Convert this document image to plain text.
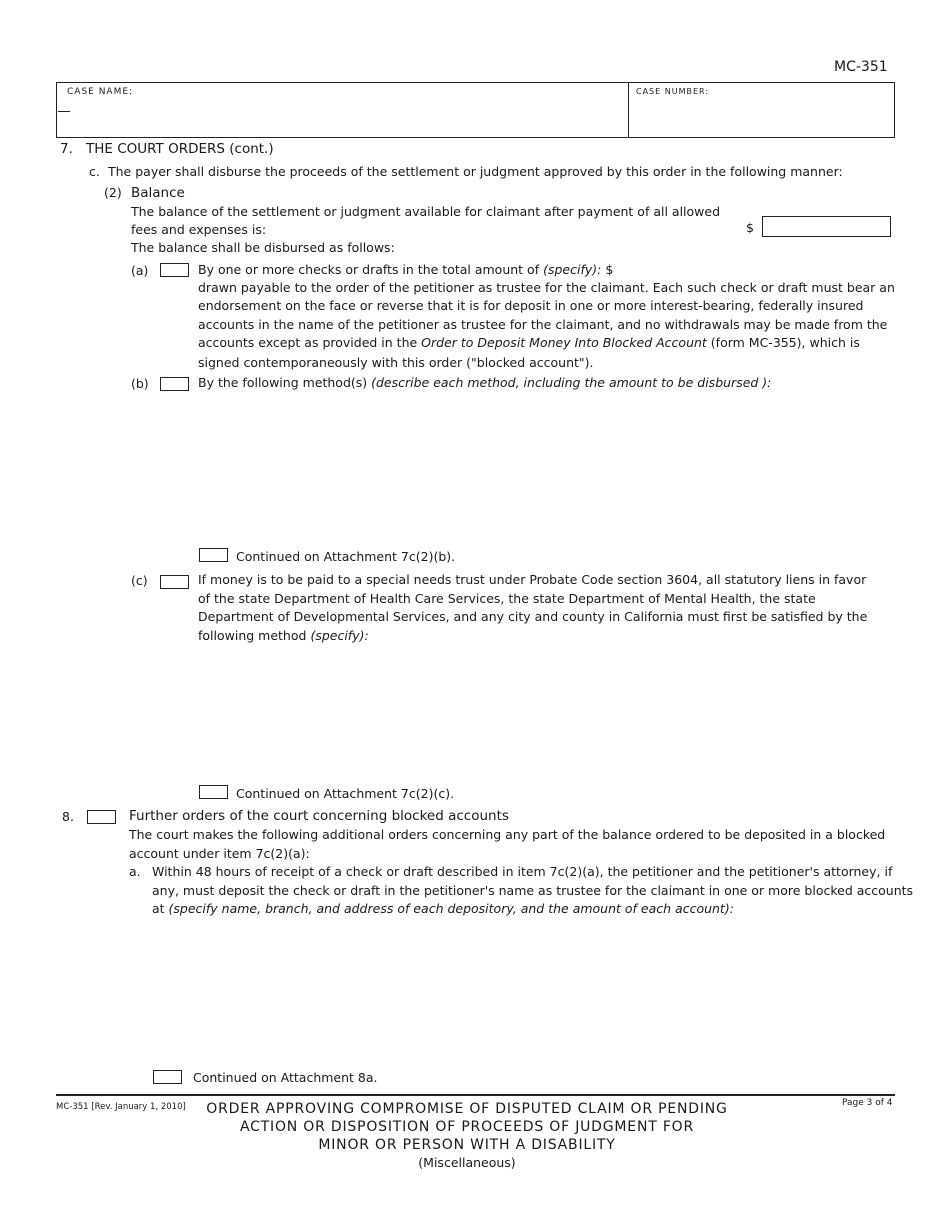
MC-351
CASE NAME:	CASE NUMBER:
7. THE COURT ORDERS (cont.)
c. The payer shall disburse the proceeds of the settlement or judgment approved by this order in the following manner:
(2) Balance
The balance of the settlement or judgment available for claimant after payment of all allowed
fees and expenses is:	$
The balance shall be disbursed as follows:
(a)	By one or more checks or drafts in the total amount of (specify): $
drawn payable to the order of the petitioner as trustee for the claimant. Each such check or draft must bear an
endorsement on the face or reverse that it is for deposit in one or more interest-bearing, federally insured
accounts in the name of the petitioner as trustee for the claimant, and no withdrawals may be made from the
accounts except as provided in the Order to Deposit Money Into Blocked Account (form MC-355), which is
signed contemporaneously with this order ("blocked account").
(b)	By the following method(s) (describe each method, including the amount to be disbursed ):
Continued on Attachment 7c(2)(b).
(c)	If money is to be paid to a special needs trust under Probate Code section 3604, all statutory liens in favor
of the state Department of Health Care Services, the state Department of Mental Health, the state
Department of Developmental Services, and any city and county in California must first be satisfied by the
following method (specify):
Continued on Attachment 7c(2)(c).
8.	Further orders of the court concerning blocked accounts
The court makes the following additional orders concerning any part of the balance ordered to be deposited in a blocked
account under item 7c(2)(a):
a. Within 48 hours of receipt of a check or draft described in item 7c(2)(a), the petitioner and the petitioner's attorney, if
any, must deposit the check or draft in the petitioner's name as trustee for the claimant in one or more blocked accounts
at (specify name, branch, and address of each depository, and the amount of each account):
Continued on Attachment 8a.
MC-351 [Rev. January 1, 2010]	Page 3 of 4
ORDER APPROVING COMPROMISE OF DISPUTED CLAIM OR PENDING
ACTION OR DISPOSITION OF PROCEEDS OF JUDGMENT FOR
MINOR OR PERSON WITH A DISABILITY
(Miscellaneous)
